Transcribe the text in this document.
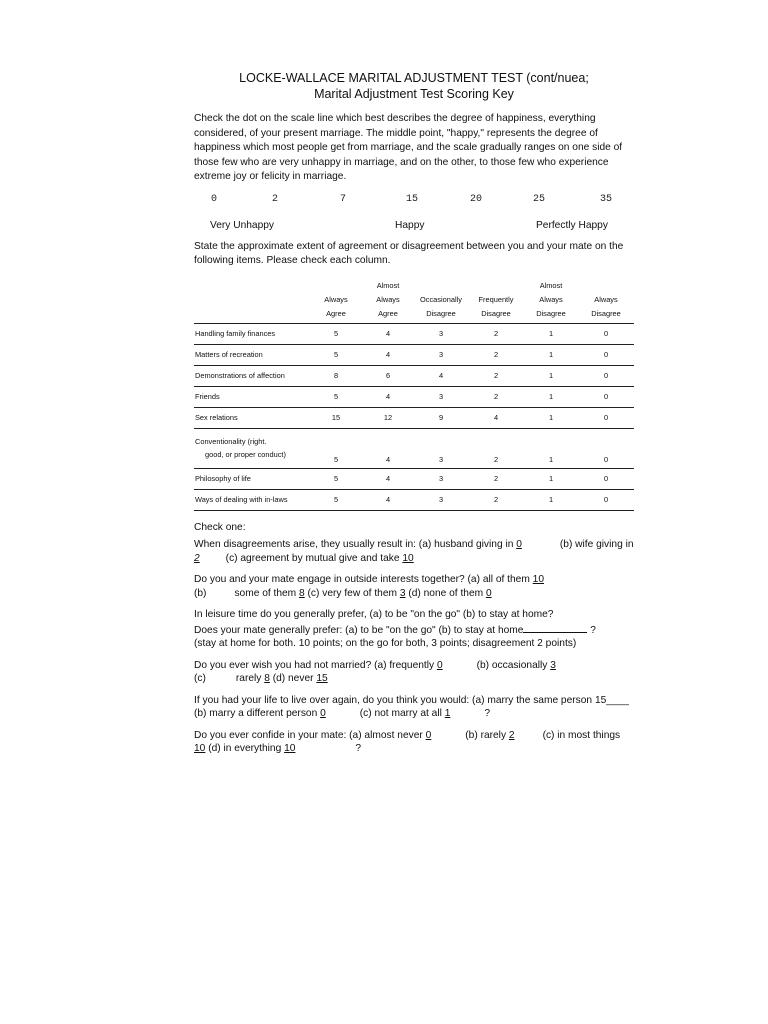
LOCKE-WALLACE MARITAL ADJUSTMENT TEST (cont/nuea;
Marital Adjustment Test Scoring Key

Check the dot on the scale line which best describes the degree of happiness, everything considered, of your present marriage. The middle point, "happy," represents the degree of happiness which most people get from marriage, and the scale gradually ranges on one side of those few who are very unhappy in marriage, and on the other, to those few who experience extreme joy or felicity in marriage.

0	2	7	15	20	25	35
Very Unhappy	Happy	Perfectly Happy

State the approximate extent of agreement or disagreement between you and your mate on the following items. Please check each column.

Always
Agree	Almost
Always
Agree	Occasionally
Disagree	Frequently
Disagree	Almost
Always
Disagree	Always
Disagree
Handling family finances	5	4	3	2	1	0
Matters of recreation	5	4	3	2	1	0
Demonstrations of affection	8	6	4	2	1	0
Friends	5	4	3	2	1	0
Sex relations	15	12	9	4	1	0
Conventionality (right.
good, or proper conduct)	5	4	3	2	1	0
Philosophy of life	5	4	3	2	1	0
Ways of dealing with in-laws	5	4	3	2	1	0

Check one:

When disagreements arise, they usually result in: (a) husband giving in 0	(b) wife giving in 2	(c) agreement by mutual give and take 10

Do you and your mate engage in outside interests together? (a) all of them 10
(b)	some of them 8 (c) very few of them 3 (d) none of them 0

In leisure time do you generally prefer, (a) to be "on the go" (b) to stay at home?
Does your mate generally prefer: (a) to be "on the go" (b) to stay at home	?
(stay at home for both. 10 points; on the go for both, 3 points; disagreement 2 points)

Do you ever wish you had not married? (a) frequently 0	(b) occasionally 3
(c)	rarely 8 (d) never 15

If you had your life to live over again, do you think you would: (a) marry the same person 15____ (b) marry a different person 0	(c) not marry at all 1	?

Do you ever confide in your mate: (a) almost never 0	(b) rarely 2	(c) in most things 10 (d) in everything 10	?
